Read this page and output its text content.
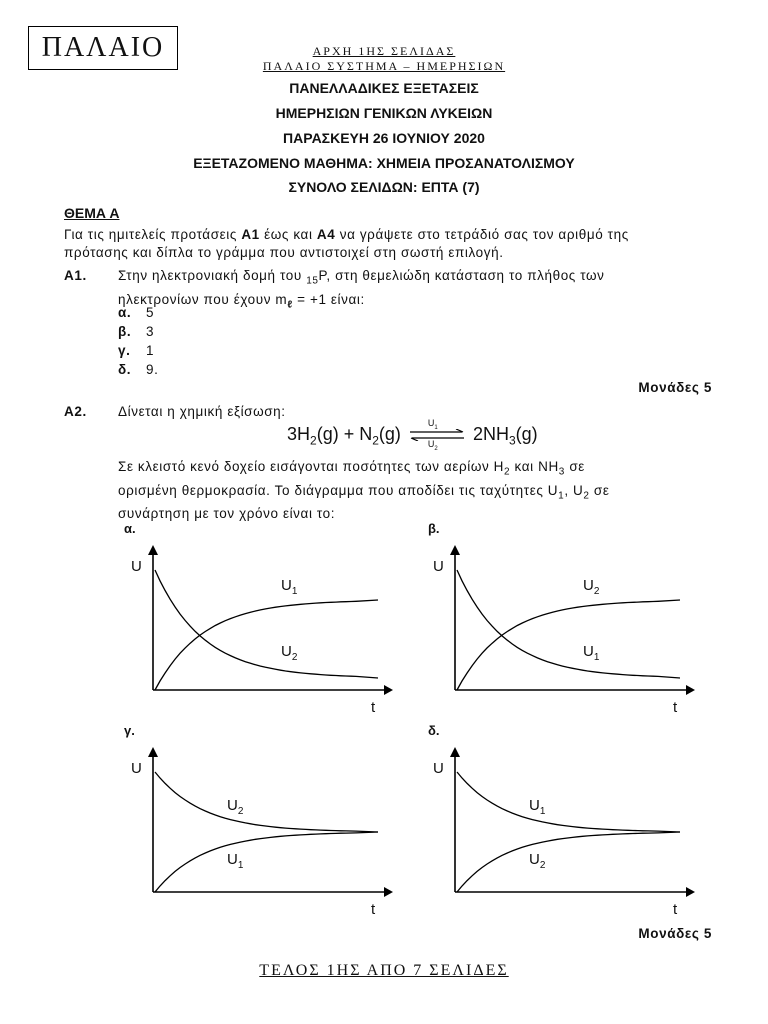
ΠΑΛΑΙΟ	ΑΡΧΗ 1ΗΣ ΣΕΛΙΔΑΣ
ΠΑΛΑΙΟ ΣΥΣΤΗΜΑ – ΗΜΕΡΗΣΙΩΝ
ΠΑΝΕΛΛΑΔΙΚΕΣ ΕΞΕΤΑΣΕΙΣ
ΗΜΕΡΗΣΙΩΝ ΓΕΝΙΚΩΝ ΛΥΚΕΙΩΝ
ΠΑΡΑΣΚΕΥΗ 26 ΙΟΥΝΙΟΥ 2020
ΕΞΕΤΑΖΟΜΕΝΟ ΜΑΘΗΜΑ: ΧΗΜΕΙΑ ΠΡΟΣΑΝΑΤΟΛΙΣΜΟΥ
ΣΥΝΟΛΟ ΣΕΛΙΔΩΝ: ΕΠΤΑ (7)
ΘΕΜΑ Α
Για τις ημιτελείς προτάσεις Α1 έως και Α4 να γράψετε στο τετράδιό σας τον αριθμό της
πρότασης και δίπλα το γράμμα που αντιστοιχεί στη σωστή επιλογή.
Α1. Στην ηλεκτρονιακή δομή του $_{15}$P, στη θεμελιώδη κατάσταση το πλήθος των
ηλεκτρονίων που έχουν $m_\ell = +1$ είναι:
α. 5
β. 3
γ. 1
δ. 9.
Μονάδες 5
Α2. Δίνεται η χημική εξίσωση:
$3H_2(g) + N_2(g)$
$U_1$
$U_2$
$2NH_3(g)$
Σε κλειστό κενό δοχείο εισάγονται ποσότητες των αερίων $H_2$ και $NH_3$ σε
ορισμένη θερμοκρασία. Το διάγραμμα που αποδίδει τις ταχύτητες $U_1$, $U_2$ σε
συνάρτηση με τον χρόνο είναι το:
U
t
α.
$U_1$
$U_2$
U
t
β.
$U_2$
$U_1$
U
t
γ.
$U_2$
$U_1$
U
t
δ.
$U_1$
$U_2$
Μονάδες 5
ΤΕΛΟΣ 1ΗΣ ΑΠΟ 7 ΣΕΛΙΔΕΣ
